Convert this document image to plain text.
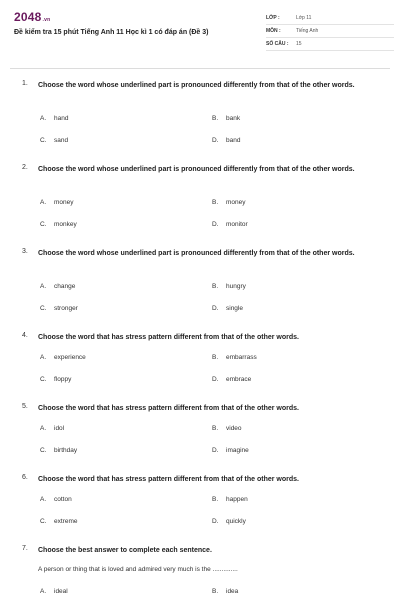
2048.vn
Đề kiểm tra 15 phút Tiếng Anh 11 Học kì 1 có đáp án (Đề 3)
LỚP :	Lớp 11
MÔN :	Tiếng Anh
SỐ CÂU :	15
1. Choose the word whose underlined part is pronounced differently from that of the other words.
A. hand	B. bank
C. sand	D. band
2. Choose the word whose underlined part is pronounced differently from that of the other words.
A. money	B. money
C. monkey	D. monitor
3. Choose the word whose underlined part is pronounced differently from that of the other words.
A. change	B. hungry
C. stronger	D. single
4. Choose the word that has stress pattern different from that of the other words.
A. experience	B. embarrass
C. floppy	D. embrace
5. Choose the word that has stress pattern different from that of the other words.
A. idol	B. video
C. birthday	D. imagine
6. Choose the word that has stress pattern different from that of the other words.
A. cotton	B. happen
C. extreme	D. quickly
7. Choose the best answer to complete each sentence.
A person or thing that is loved and admired very much is the ..............
A. ideal	B. idea
